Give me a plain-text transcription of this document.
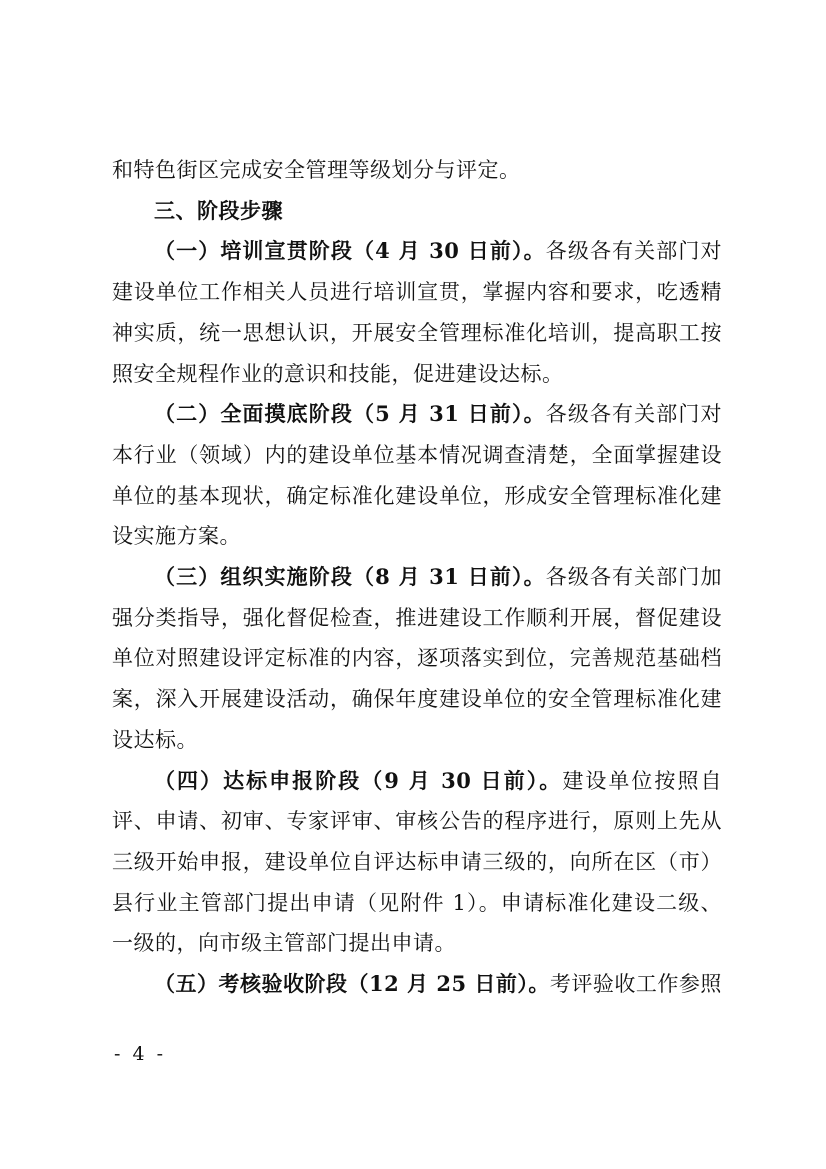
和特色街区完成安全管理等级划分与评定。

三、阶段步骤

（一）培训宣贯阶段（4 月 30 日前）。各级各有关部门对建设单位工作相关人员进行培训宣贯，掌握内容和要求，吃透精神实质，统一思想认识，开展安全管理标准化培训，提高职工按照安全规程作业的意识和技能，促进建设达标。

（二）全面摸底阶段（5 月 31 日前）。各级各有关部门对本行业（领域）内的建设单位基本情况调查清楚，全面掌握建设单位的基本现状，确定标准化建设单位，形成安全管理标准化建设实施方案。

（三）组织实施阶段（8 月 31 日前）。各级各有关部门加强分类指导，强化督促检查，推进建设工作顺利开展，督促建设单位对照建设评定标准的内容，逐项落实到位，完善规范基础档案，深入开展建设活动，确保年度建设单位的安全管理标准化建设达标。

（四）达标申报阶段（9 月 30 日前）。建设单位按照自评、申请、初审、专家评审、审核公告的程序进行，原则上先从三级开始申报，建设单位自评达标申请三级的，向所在区（市）县行业主管部门提出申请（见附件 1）。申请标准化建设二级、一级的，向市级主管部门提出申请。

（五）考核验收阶段（12 月 25 日前）。考评验收工作参照

- 4 -
